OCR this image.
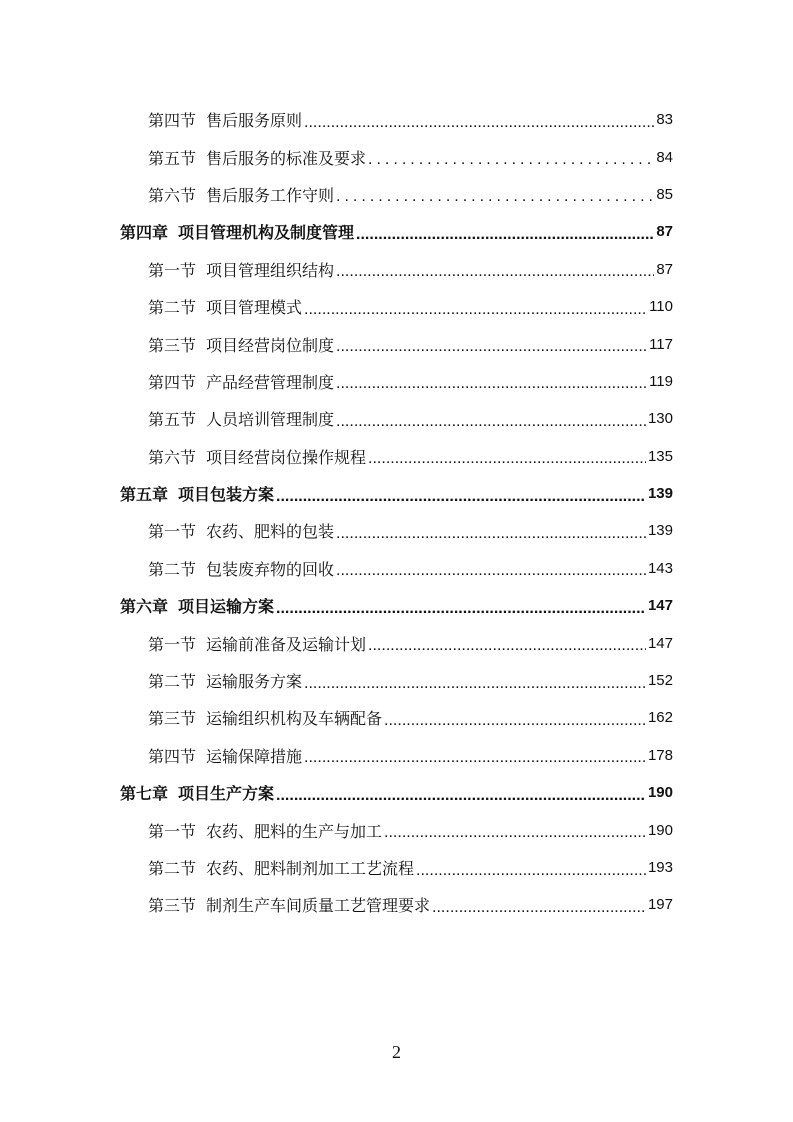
第四节 售后服务原则 .....	83
第五节 售后服务的标准及要求 .....	84
第六节 售后服务工作守则 .....	85
第四章 项目管理机构及制度管理 .....	87
第一节 项目管理组织结构 .....	87
第二节 项目管理模式 .....	110
第三节 项目经营岗位制度 .....	117
第四节 产品经营管理制度 .....	119
第五节 人员培训管理制度 .....	130
第六节 项目经营岗位操作规程 .....	135
第五章 项目包装方案 .....	139
第一节 农药、肥料的包装 .....	139
第二节 包装废弃物的回收 .....	143
第六章 项目运输方案 .....	147
第一节 运输前准备及运输计划 .....	147
第二节 运输服务方案 .....	152
第三节 运输组织机构及车辆配备 .....	162
第四节 运输保障措施 .....	178
第七章 项目生产方案 .....	190
第一节 农药、肥料的生产与加工 .....	190
第二节 农药、肥料制剂加工工艺流程 .....	193
第三节 制剂生产车间质量工艺管理要求 .....	197
2
